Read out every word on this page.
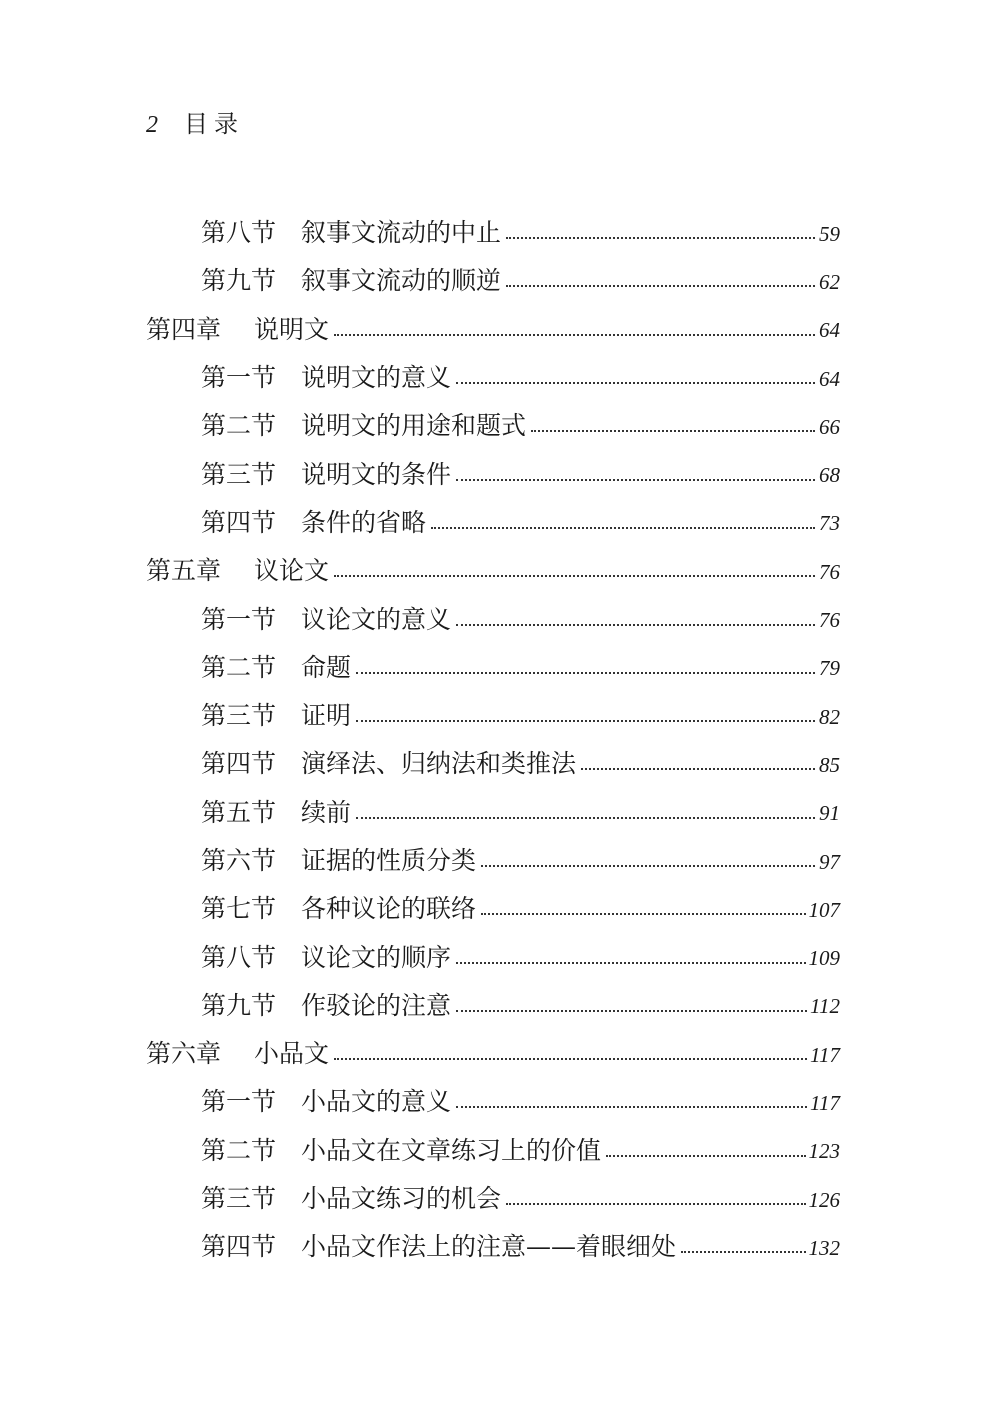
2 目录
第八节 叙事文流动的中止	59
第九节 叙事文流动的顺逆	62
第四章	说明文	64
第一节 说明文的意义	64
第二节 说明文的用途和题式	66
第三节 说明文的条件	68
第四节 条件的省略	73
第五章	议论文	76
第一节 议论文的意义	76
第二节 命题	79
第三节 证明	82
第四节 演绎法、归纳法和类推法	85
第五节 续前	91
第六节 证据的性质分类	97
第七节 各种议论的联络	107
第八节 议论文的顺序	109
第九节 作驳论的注意	112
第六章	小品文	117
第一节 小品文的意义	117
第二节 小品文在文章练习上的价值	123
第三节 小品文练习的机会	126
第四节 小品文作法上的注意——着眼细处	132
